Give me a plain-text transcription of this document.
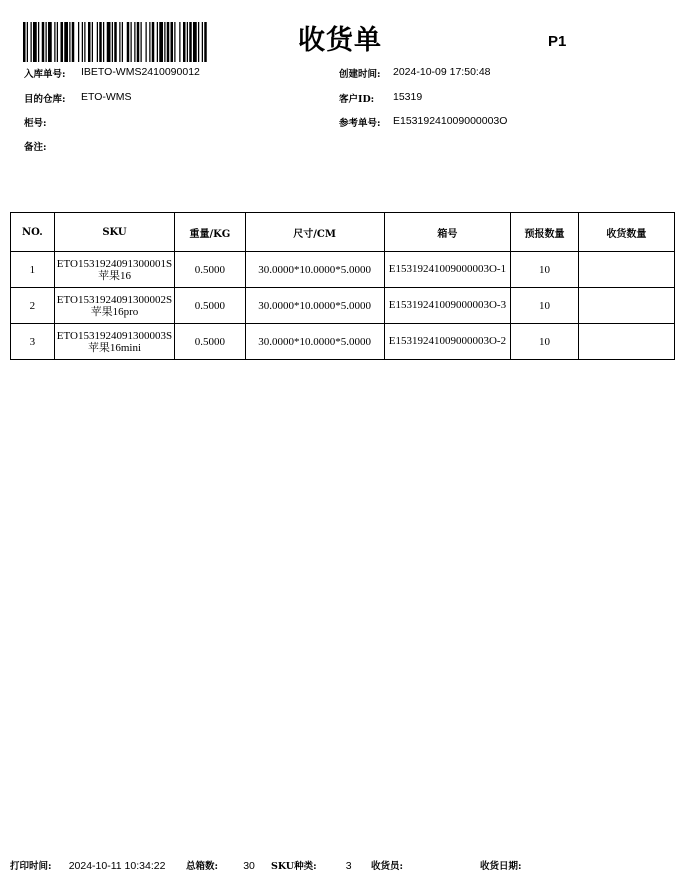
收货单	P1
入库单号: IBETO-WMS2410090012
目的仓库: ETO-WMS
柜号:
备注:
创建时间: 2024-10-09 17:50:48
客户ID: 15319
参考单号: E15319241009000003O
NO.	SKU	重量/KG	尺寸/CM	箱号	预报数量	收货数量
1	ETO1531924091300001S
苹果16	0.5000	30.0000*10.0000*5.0000	E15319241009000003O-1	10	
2	ETO1531924091300002S
苹果16pro	0.5000	30.0000*10.0000*5.0000	E15319241009000003O-3	10	
3	ETO1531924091300003S
苹果16mini	0.5000	30.0000*10.0000*5.0000	E15319241009000003O-2	10	
打印时间: 2024-10-11 10:34:22 总箱数: 30 SKU种类:	3 收货员:	收货日期:
